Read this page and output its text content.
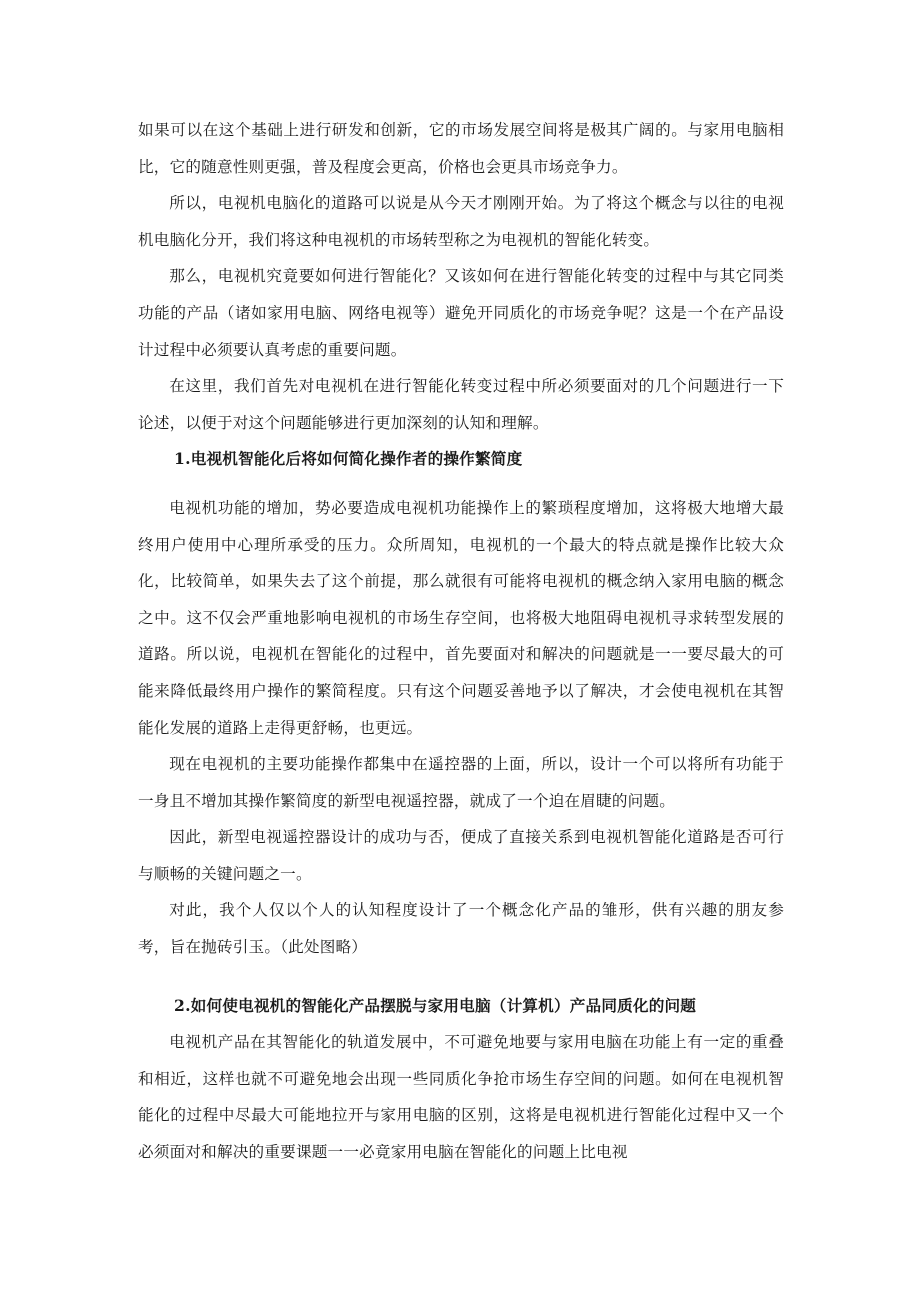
如果可以在这个基础上进行研发和创新，它的市场发展空间将是极其广阔的。与家用电脑相比，它的随意性则更强，普及程度会更高，价格也会更具市场竞争力。

所以，电视机电脑化的道路可以说是从今天才刚刚开始。为了将这个概念与以往的电视机电脑化分开，我们将这种电视机的市场转型称之为电视机的智能化转变。

那么，电视机究竟要如何进行智能化？又该如何在进行智能化转变的过程中与其它同类功能的产品（诸如家用电脑、网络电视等）避免开同质化的市场竞争呢？这是一个在产品设计过程中必须要认真考虑的重要问题。

在这里，我们首先对电视机在进行智能化转变过程中所必须要面对的几个问题进行一下论述，以便于对这个问题能够进行更加深刻的认知和理解。

1.电视机智能化后将如何简化操作者的操作繁简度

电视机功能的增加，势必要造成电视机功能操作上的繁琐程度增加，这将极大地增大最终用户使用中心理所承受的压力。众所周知，电视机的一个最大的特点就是操作比较大众化，比较简单，如果失去了这个前提，那么就很有可能将电视机的概念纳入家用电脑的概念之中。这不仅会严重地影响电视机的市场生存空间，也将极大地阻碍电视机寻求转型发展的道路。所以说，电视机在智能化的过程中，首先要面对和解决的问题就是一一要尽最大的可能来降低最终用户操作的繁简程度。只有这个问题妥善地予以了解决，才会使电视机在其智能化发展的道路上走得更舒畅，也更远。

现在电视机的主要功能操作都集中在遥控器的上面，所以，设计一个可以将所有功能于一身且不增加其操作繁简度的新型电视遥控器，就成了一个迫在眉睫的问题。

因此，新型电视遥控器设计的成功与否，便成了直接关系到电视机智能化道路是否可行与顺畅的关键问题之一。

对此，我个人仅以个人的认知程度设计了一个概念化产品的雏形，供有兴趣的朋友参考，旨在抛砖引玉。（此处图略）

2.如何使电视机的智能化产品摆脱与家用电脑（计算机）产品同质化的问题

电视机产品在其智能化的轨道发展中，不可避免地要与家用电脑在功能上有一定的重叠和相近，这样也就不可避免地会出现一些同质化争抢市场生存空间的问题。如何在电视机智能化的过程中尽最大可能地拉开与家用电脑的区别，这将是电视机进行智能化过程中又一个必须面对和解决的重要课题一一必竟家用电脑在智能化的问题上比电视
